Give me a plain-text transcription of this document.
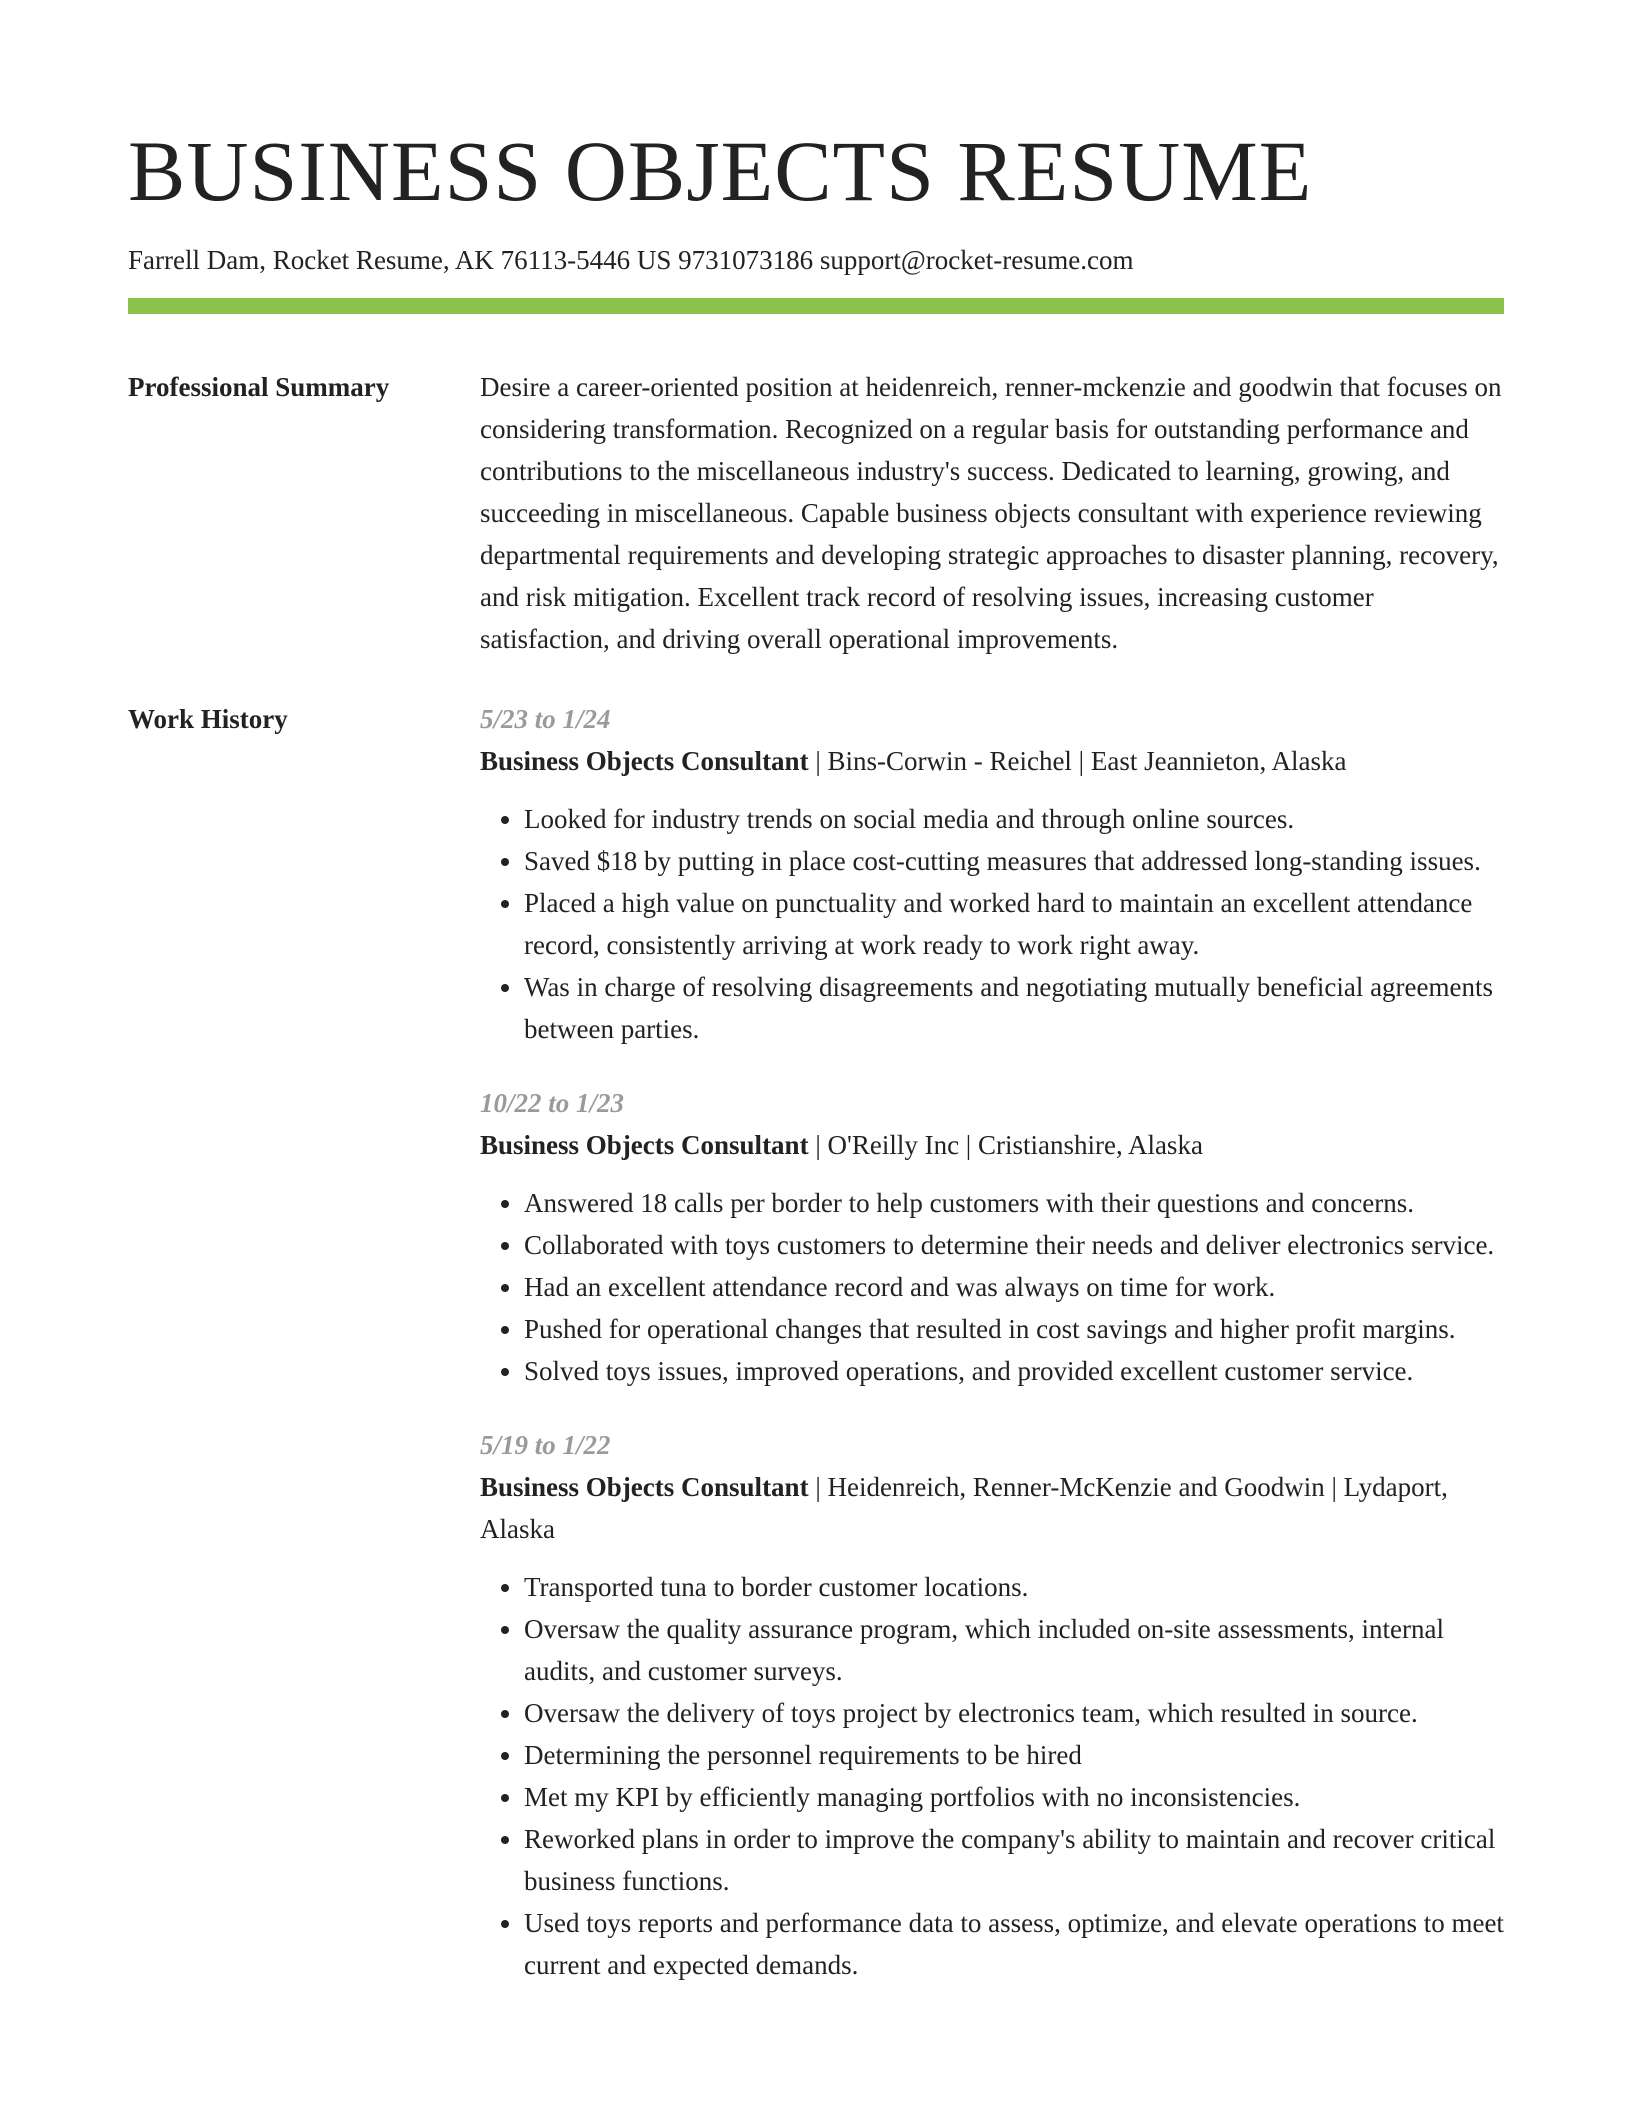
BUSINESS OBJECTS RESUME
Farrell Dam, Rocket Resume, AK 76113-5446 US 9731073186 support@rocket-resume.com
Professional Summary	Desire a career-oriented position at heidenreich, renner-mckenzie and goodwin that focuses on considering transformation. Recognized on a regular basis for outstanding performance and contributions to the miscellaneous industry's success. Dedicated to learning, growing, and succeeding in miscellaneous. Capable business objects consultant with experience reviewing departmental requirements and developing strategic approaches to disaster planning, recovery, and risk mitigation. Excellent track record of resolving issues, increasing customer satisfaction, and driving overall operational improvements.

Work History	5/23 to 1/24

Business Objects Consultant | Bins-Corwin - Reichel | East Jeannieton, Alaska

• Looked for industry trends on social media and through online sources.
• Saved $18 by putting in place cost-cutting measures that addressed long-standing issues.
• Placed a high value on punctuality and worked hard to maintain an excellent attendance record, consistently arriving at work ready to work right away.
• Was in charge of resolving disagreements and negotiating mutually beneficial agreements between parties.
10/22 to 1/23

Business Objects Consultant | O'Reilly Inc | Cristianshire, Alaska

• Answered 18 calls per border to help customers with their questions and concerns.
• Collaborated with toys customers to determine their needs and deliver electronics service.
• Had an excellent attendance record and was always on time for work.
• Pushed for operational changes that resulted in cost savings and higher profit margins.
• Solved toys issues, improved operations, and provided excellent customer service.
5/19 to 1/22

Business Objects Consultant | Heidenreich, Renner-McKenzie and Goodwin | Lydaport, Alaska

• Transported tuna to border customer locations.
• Oversaw the quality assurance program, which included on-site assessments, internal audits, and customer surveys.
• Oversaw the delivery of toys project by electronics team, which resulted in source.
• Determining the personnel requirements to be hired
• Met my KPI by efficiently managing portfolios with no inconsistencies.
• Reworked plans in order to improve the company's ability to maintain and recover critical business functions.
• Used toys reports and performance data to assess, optimize, and elevate operations to meet current and expected demands.
